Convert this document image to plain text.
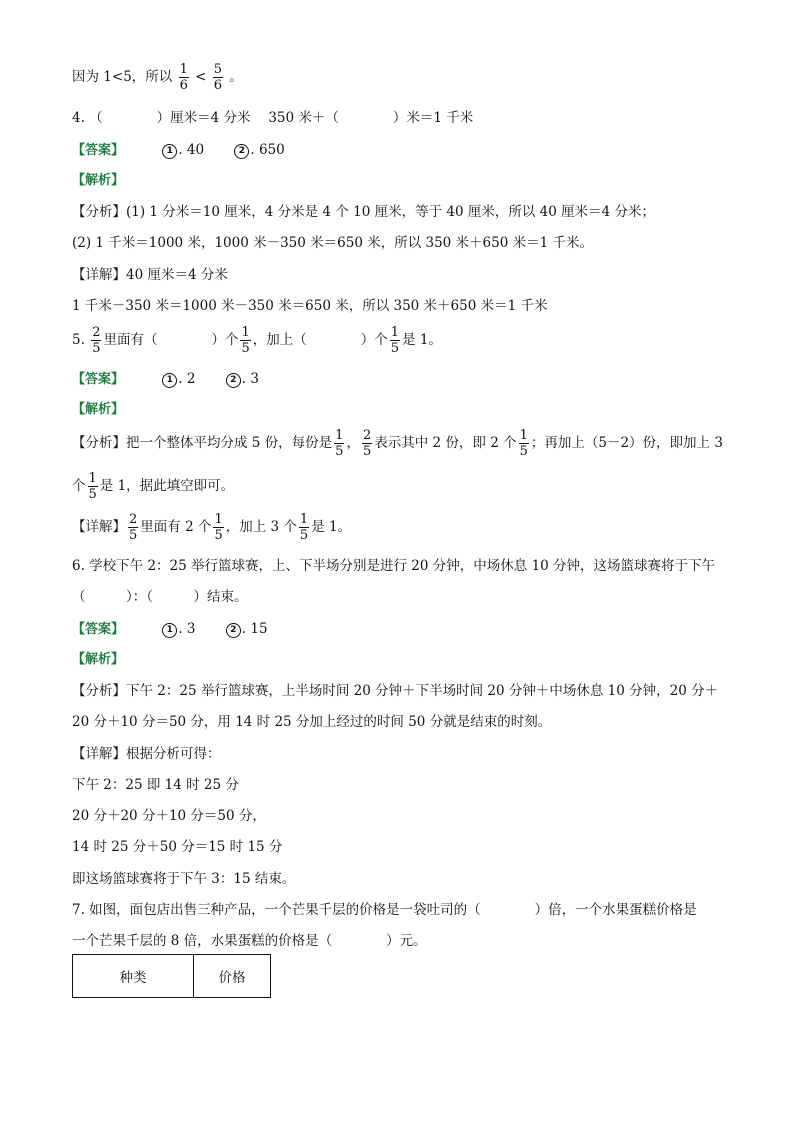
因为 1<5，所以 $\frac{1}{6} < \frac{5}{6}$ 。
4. （　　　　）厘米＝4 分米　 350 米＋（　　　　）米＝1 千米
【答案】	1 . 40	2 . 650
【解析】
【分析】(1) 1 分米＝10 厘米，4 分米是 4 个 10 厘米，等于 40 厘米，所以 40 厘米＝4 分米；
(2) 1 千米＝1000 米，1000 米－350 米＝650 米，所以 350 米＋650 米＝1 千米。
【详解】40 厘米＝4 分米
1 千米－350 米＝1000 米－350 米＝650 米，所以 350 米＋650 米＝1 千米
5. $\frac{2}{5}$ 里面有（　　　　）个 $\frac{1}{5}$ ，加上（　　　　）个 $\frac{1}{5}$ 是 1。
【答案】	1 . 2	2 . 3
【解析】
【分析】把一个整体平均分成 5 份，每份是 $\frac{1}{5}$ ， $\frac{2}{5}$ 表示其中 2 份，即 2 个 $\frac{1}{5}$ ；再加上（5－2）份，即加上 3
个 $\frac{1}{5}$ 是 1，据此填空即可。
【详解】 $\frac{2}{5}$ 里面有 2 个 $\frac{1}{5}$ ，加上 3 个 $\frac{1}{5}$ 是 1。
6. 学校下午 2：25 举行篮球赛，上、下半场分别是进行 20 分钟，中场休息 10 分钟，这场篮球赛将于下午
（　　　）：（　　　）结束。
【答案】	1 . 3	2 . 15
【解析】
【分析】下午 2：25 举行篮球赛，上半场时间 20 分钟＋下半场时间 20 分钟＋中场休息 10 分钟，20 分＋
20 分＋10 分＝50 分，用 14 时 25 分加上经过的时间 50 分就是结束的时刻。
【详解】根据分析可得：
下午 2：25 即 14 时 25 分
20 分＋20 分＋10 分＝50 分，
14 时 25 分＋50 分＝15 时 15 分
即这场篮球赛将于下午 3：15 结束。
7. 如图，面包店出售三种产品，一个芒果千层的价格是一袋吐司的（　　　　）倍，一个水果蛋糕价格是
一个芒果千层的 8 倍，水果蛋糕的价格是（　　　　）元。
种类	价格
